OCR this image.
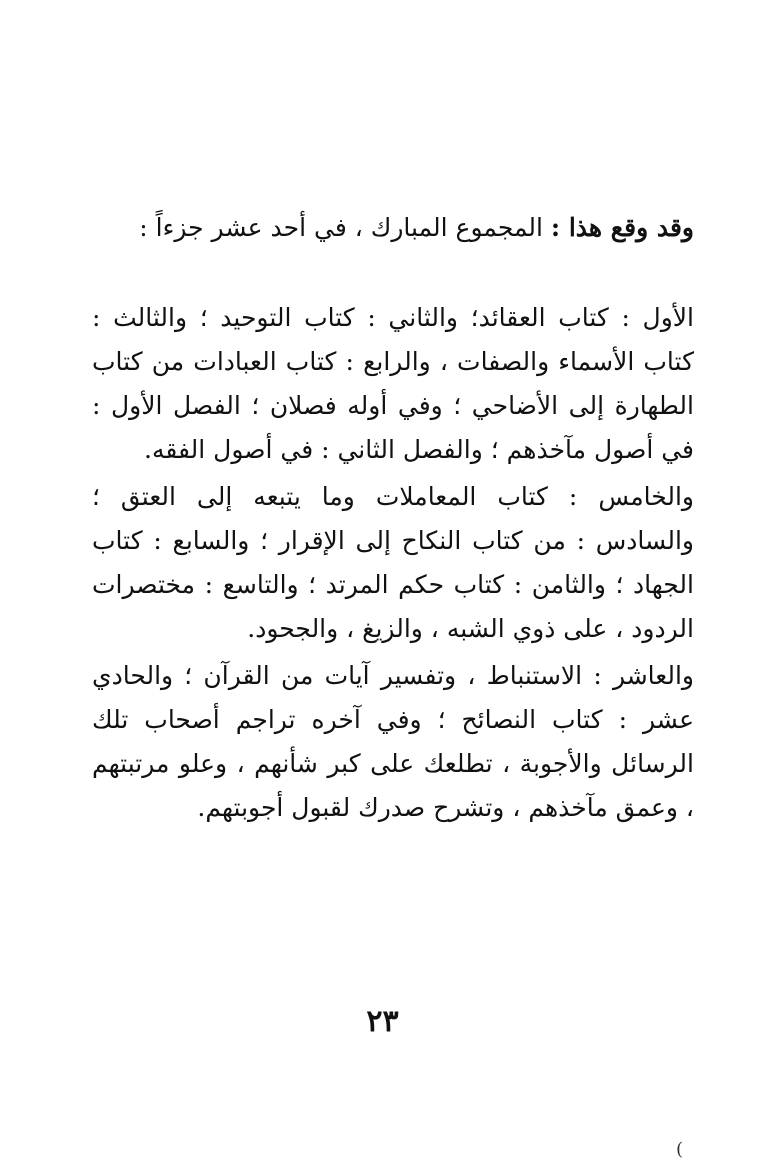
وقد وقع هذا : المجموع المبارك ، في أحد عشر جزءاً :

الأول : كتاب العقائد؛ والثاني : كتاب التوحيد ؛ والثالث : كتاب الأسماء والصفات ، والرابع : كتاب العبادات من كتاب الطهارة إلى الأضاحي ؛ وفي أوله فصلان ؛ الفصل الأول : في أصول مآخذهم ؛ والفصل الثاني : في أصول الفقه.

والخامس : كتاب المعاملات وما يتبعه إلى العتق ؛ والسادس : من كتاب النكاح إلى الإقرار ؛ والسابع : كتاب الجهاد ؛ والثامن : كتاب حكم المرتد ؛ والتاسع : مختصرات الردود ، على ذوي الشبه ، والزيغ ، والجحود.

والعاشر : الاستنباط ، وتفسير آيات من القرآن ؛ والحادي عشر : كتاب النصائح ؛ وفي آخره تراجم أصحاب تلك الرسائل والأجوبة ، تطلعك على كبر شأنهم ، وعلو مرتبتهم ، وعمق مآخذهم ، وتشرح صدرك لقبول أجوبتهم.

٢٣
(
